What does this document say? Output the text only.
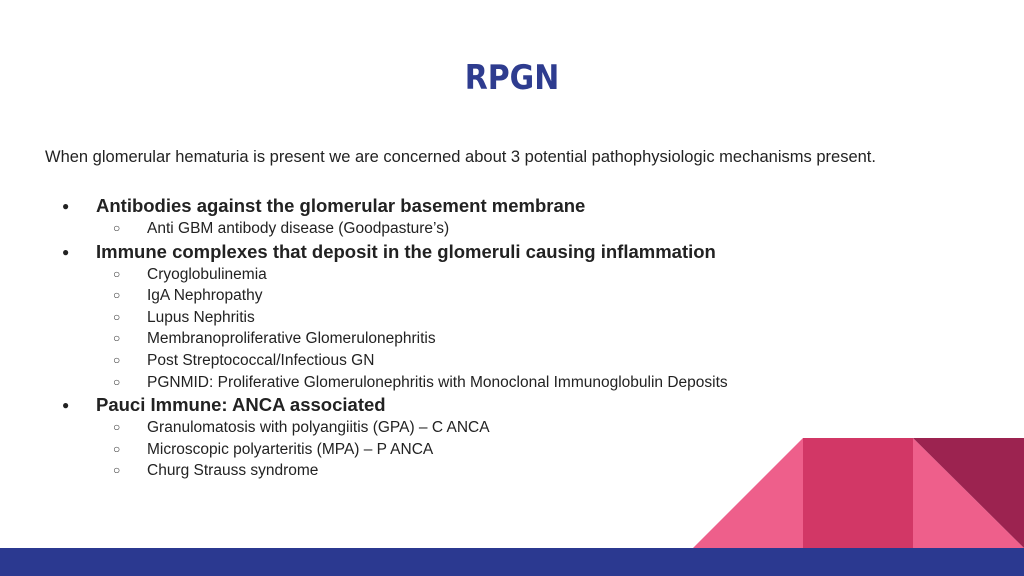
RPGN

When glomerular hematuria is present we are concerned about 3 potential pathophysiologic mechanisms present.

● Antibodies against the glomerular basement membrane
○ Anti GBM antibody disease (Goodpasture’s)
● Immune complexes that deposit in the glomeruli causing inflammation
○ Cryoglobulinemia
○ IgA Nephropathy
○ Lupus Nephritis
○ Membranoproliferative Glomerulonephritis
○ Post Streptococcal/Infectious GN
○ PGNMID: Proliferative Glomerulonephritis with Monoclonal Immunoglobulin Deposits
● Pauci Immune: ANCA associated
○ Granulomatosis with polyangiitis (GPA) – C ANCA
○ Microscopic polyarteritis (MPA) – P ANCA
○ Churg Strauss syndrome
